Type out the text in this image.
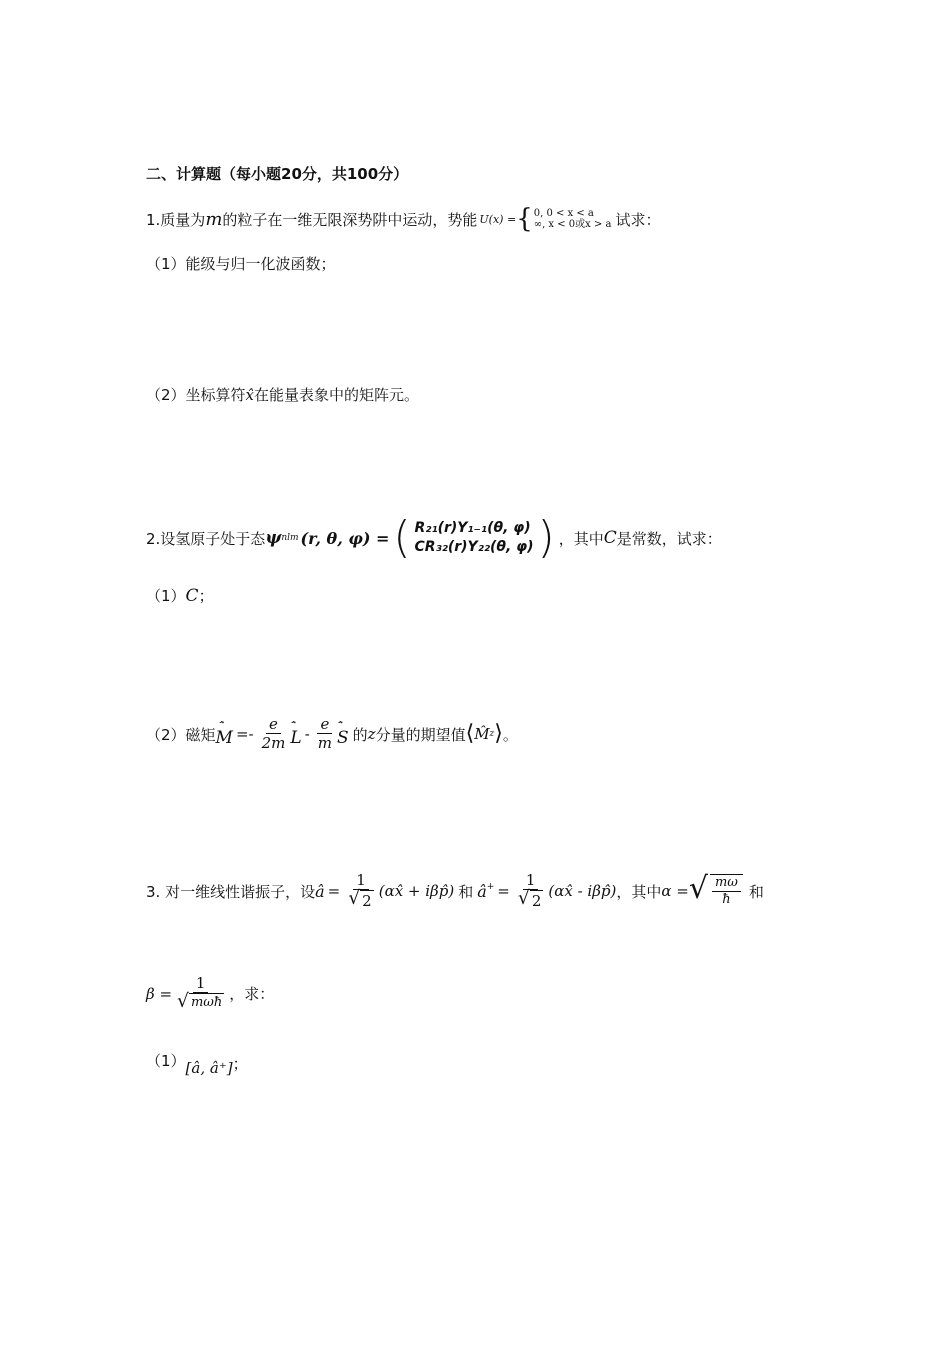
二、计算题（每小题20分，共100分）
1.质量为 m 的粒子在一维无限深势阱中运动，势能 U(x) = { 0, 0 < x < a
∞, x < 0或x > a 试求：
（1）能级与归一化波函数；
（2）坐标算符 x̂ 在能量表象中的矩阵元。
2.设氢原子处于态 ψ nlm (r, θ, φ) = ( R₂₁(r)Y₁₋₁(θ, φ)
CR₃₂(r)Y₂₂(θ, φ) ) ，其中 C 是常数，试求：
（1） C ；
（2）磁矩 $M =- \frac{e}{2m}$ L - $\frac{e}{m}$ S 的 z 分量的期望值 ⟨ M̂ z ⟩ 。
3. 对一维线性谐振子，设 â = $\frac{1}{√ 2}$ (αx̂ + iβp̂) 和 â+ = $\frac{1}{√ 2}$ (αx̂ - iβp̂) ，其中 α = √ $\frac{m\omega}{ħ}$ 和
$\beta = \frac{1}{\text{√ mωħ}}$ ，求：
（1） [â, â⁺] ；
